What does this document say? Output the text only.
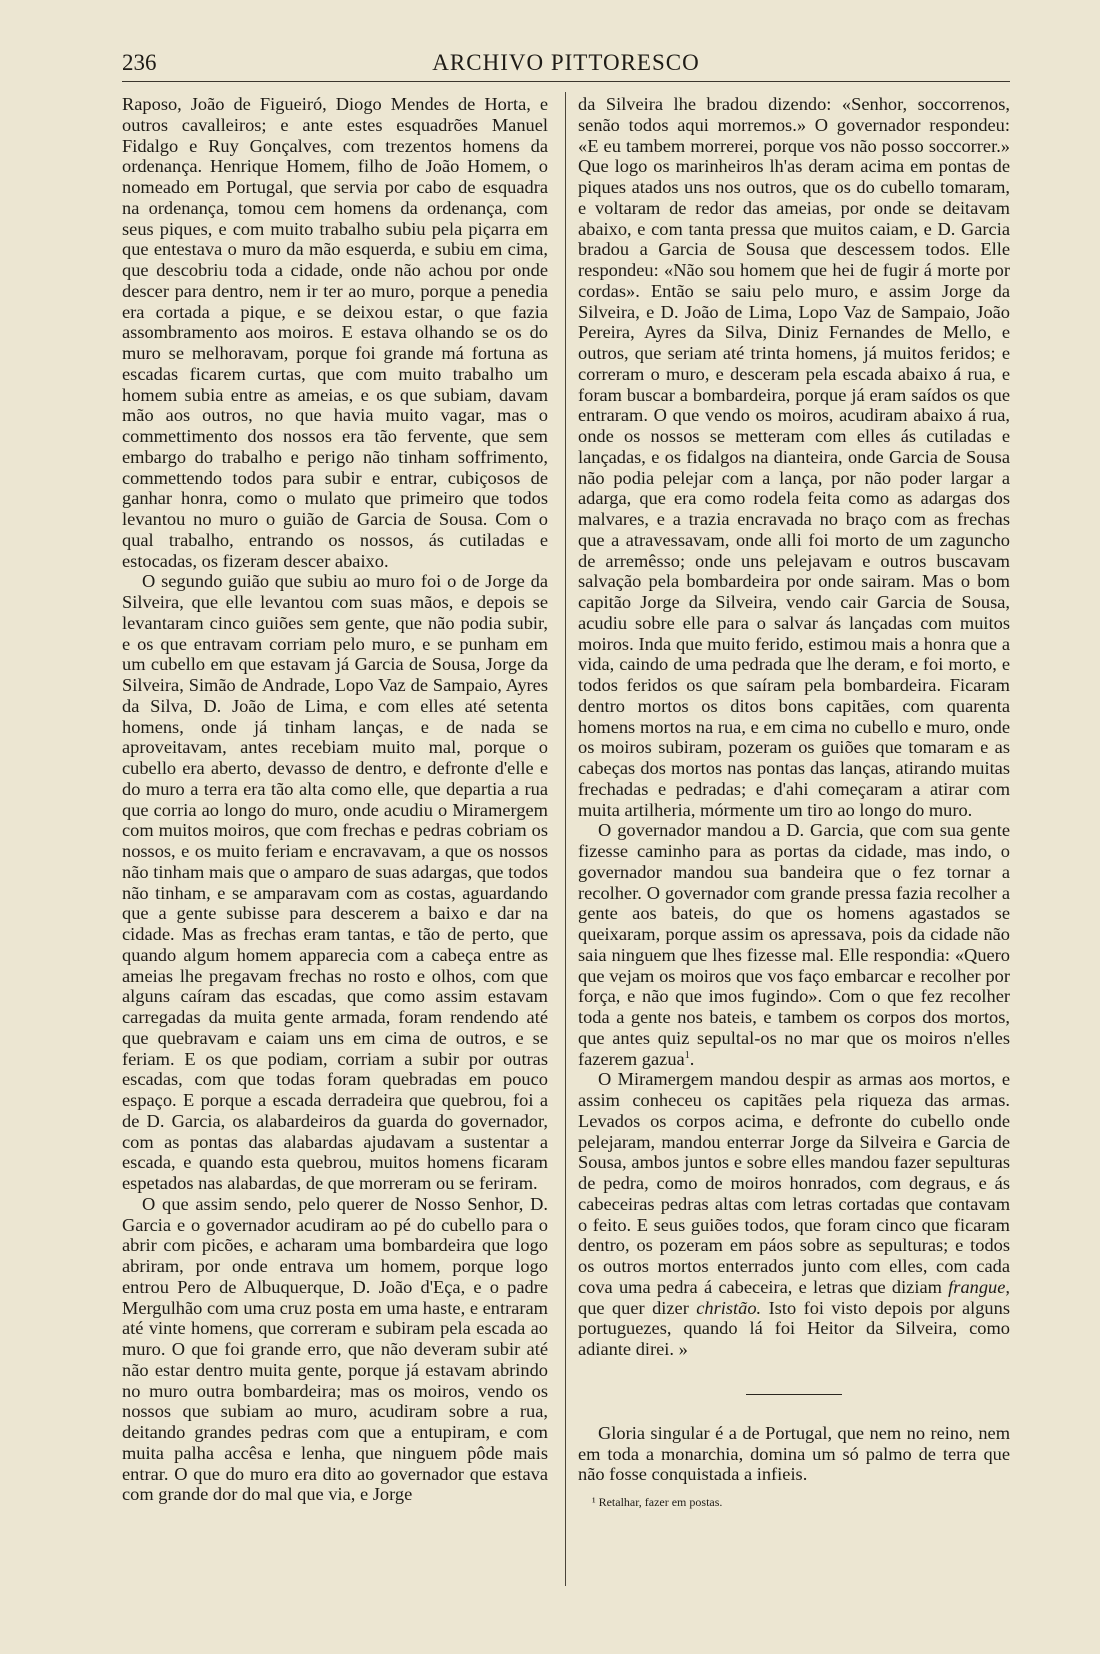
236	ARCHIVO PITTORESCO

Raposo, João de Figueiró, Diogo Mendes de Horta, e outros cavalleiros; e ante estes esquadrões Manuel Fidalgo e Ruy Gonçalves, com trezentos homens da ordenança. Henrique Homem, filho de João Homem, o nomeado em Portugal, que servia por cabo de esquadra na ordenança, tomou cem homens da ordenança, com seus piques, e com muito trabalho subiu pela piçarra em que entestava o muro da mão esquerda, e subiu em cima, que descobriu toda a cidade, onde não achou por onde descer para dentro, nem ir ter ao muro, porque a penedia era cortada a pique, e se deixou estar, o que fazia assombramento aos moiros. E estava olhando se os do muro se melhoravam, porque foi grande má fortuna as escadas ficarem curtas, que com muito trabalho um homem subia entre as ameias, e os que subiam, davam mão aos outros, no que havia muito vagar, mas o commettimento dos nossos era tão fervente, que sem embargo do trabalho e perigo não tinham soffrimento, commettendo todos para subir e entrar, cubiçosos de ganhar honra, como o mulato que primeiro que todos levantou no muro o guião de Garcia de Sousa. Com o qual trabalho, entrando os nossos, ás cutiladas e estocadas, os fizeram descer abaixo.

O segundo guião que subiu ao muro foi o de Jorge da Silveira, que elle levantou com suas mãos, e depois se levantaram cinco guiões sem gente, que não podia subir, e os que entravam corriam pelo muro, e se punham em um cubello em que estavam já Garcia de Sousa, Jorge da Silveira, Simão de Andrade, Lopo Vaz de Sampaio, Ayres da Silva, D. João de Lima, e com elles até setenta homens, onde já tinham lanças, e de nada se aproveitavam, antes recebiam muito mal, porque o cubello era aberto, devasso de dentro, e defronte d'elle e do muro a terra era tão alta como elle, que departia a rua que corria ao longo do muro, onde acudiu o Miramergem com muitos moiros, que com frechas e pedras cobriam os nossos, e os muito feriam e encravavam, a que os nossos não tinham mais que o amparo de suas adargas, que todos não tinham, e se amparavam com as costas, aguardando que a gente subisse para descerem a baixo e dar na cidade. Mas as frechas eram tantas, e tão de perto, que quando algum homem apparecia com a cabeça entre as ameias lhe pregavam frechas no rosto e olhos, com que alguns caíram das escadas, que como assim estavam carregadas da muita gente armada, foram rendendo até que quebravam e caiam uns em cima de outros, e se feriam. E os que podiam, corriam a subir por outras escadas, com que todas foram quebradas em pouco espaço. E porque a escada derradeira que quebrou, foi a de D. Garcia, os alabardeiros da guarda do governador, com as pontas das alabardas ajudavam a sustentar a escada, e quando esta quebrou, muitos homens ficaram espetados nas alabardas, de que morreram ou se feriram.

O que assim sendo, pelo querer de Nosso Senhor, D. Garcia e o governador acudiram ao pé do cubello para o abrir com picões, e acharam uma bombardeira que logo abriram, por onde entrava um homem, porque logo entrou Pero de Albuquerque, D. João d'Eça, e o padre Mergulhão com uma cruz posta em uma haste, e entraram até vinte homens, que correram e subiram pela escada ao muro. O que foi grande erro, que não deveram subir até não estar dentro muita gente, porque já estavam abrindo no muro outra bombardeira; mas os moiros, vendo os nossos que subiam ao muro, acudiram sobre a rua, deitando grandes pedras com que a entupiram, e com muita palha accêsa e lenha, que ninguem pôde mais entrar. O que do muro era dito ao governador que estava com grande dor do mal que via, e Jorge

da Silveira lhe bradou dizendo: «Senhor, soccorrenos, senão todos aqui morremos.» O governador respondeu: «E eu tambem morrerei, porque vos não posso soccorrer.» Que logo os marinheiros lh'as deram acima em pontas de piques atados uns nos outros, que os do cubello tomaram, e voltaram de redor das ameias, por onde se deitavam abaixo, e com tanta pressa que muitos caiam, e D. Garcia bradou a Garcia de Sousa que descessem todos. Elle respondeu: «Não sou homem que hei de fugir á morte por cordas». Então se saiu pelo muro, e assim Jorge da Silveira, e D. João de Lima, Lopo Vaz de Sampaio, João Pereira, Ayres da Silva, Diniz Fernandes de Mello, e outros, que seriam até trinta homens, já muitos feridos; e correram o muro, e desceram pela escada abaixo á rua, e foram buscar a bombardeira, porque já eram saídos os que entraram. O que vendo os moiros, acudiram abaixo á rua, onde os nossos se metteram com elles ás cutiladas e lançadas, e os fidalgos na dianteira, onde Garcia de Sousa não podia pelejar com a lança, por não poder largar a adarga, que era como rodela feita como as adargas dos malvares, e a trazia encravada no braço com as frechas que a atravessavam, onde alli foi morto de um zaguncho de arremêsso; onde uns pelejavam e outros buscavam salvação pela bombardeira por onde sairam. Mas o bom capitão Jorge da Silveira, vendo cair Garcia de Sousa, acudiu sobre elle para o salvar ás lançadas com muitos moiros. Inda que muito ferido, estimou mais a honra que a vida, caindo de uma pedrada que lhe deram, e foi morto, e todos feridos os que saíram pela bombardeira. Ficaram dentro mortos os ditos bons capitães, com quarenta homens mortos na rua, e em cima no cubello e muro, onde os moiros subiram, pozeram os guiões que tomaram e as cabeças dos mortos nas pontas das lanças, atirando muitas frechadas e pedradas; e d'ahi começaram a atirar com muita artilheria, mórmente um tiro ao longo do muro.

O governador mandou a D. Garcia, que com sua gente fizesse caminho para as portas da cidade, mas indo, o governador mandou sua bandeira que o fez tornar a recolher. O governador com grande pressa fazia recolher a gente aos bateis, do que os homens agastados se queixaram, porque assim os apressava, pois da cidade não saia ninguem que lhes fizesse mal. Elle respondia: «Quero que vejam os moiros que vos faço embarcar e recolher por força, e não que imos fugindo». Com o que fez recolher toda a gente nos bateis, e tambem os corpos dos mortos, que antes quiz sepultal-os no mar que os moiros n'elles fazerem gazua$^1$.

O Miramergem mandou despir as armas aos mortos, e assim conheceu os capitães pela riqueza das armas. Levados os corpos acima, e defronte do cubello onde pelejaram, mandou enterrar Jorge da Silveira e Garcia de Sousa, ambos juntos e sobre elles mandou fazer sepulturas de pedra, como de moiros honrados, com degraus, e ás cabeceiras pedras altas com letras cortadas que contavam o feito. E seus guiões todos, que foram cinco que ficaram dentro, os pozeram em páos sobre as sepulturas; e todos os outros mortos enterrados junto com elles, com cada cova uma pedra á cabeceira, e letras que diziam frangue, que quer dizer christão. Isto foi visto depois por alguns portuguezes, quando lá foi Heitor da Silveira, como adiante direi. »

Gloria singular é a de Portugal, que nem no reino, nem em toda a monarchia, domina um só palmo de terra que não fosse conquistada a infieis.

¹ Retalhar, fazer em postas.
